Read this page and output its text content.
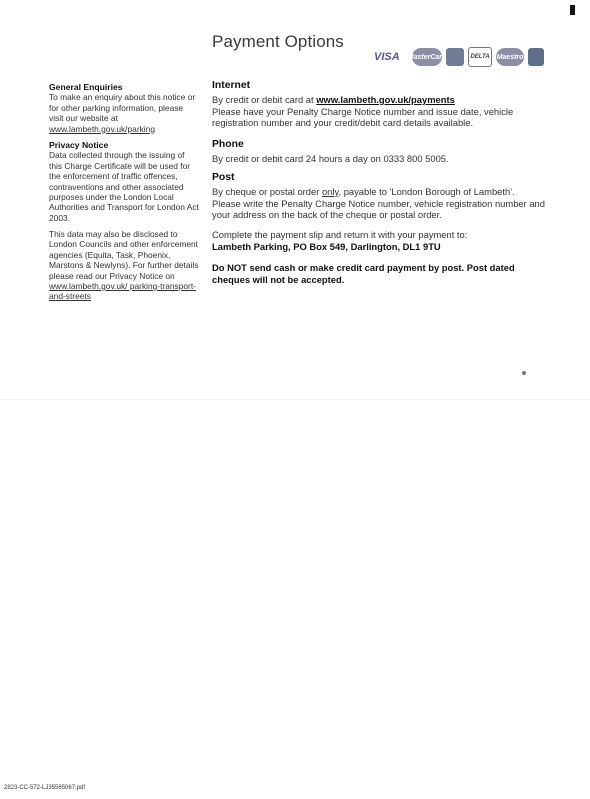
Payment Options
VISA	MasterCard	DELTA	Maestro
General Enquiries

To make an enquiry about this notice or for other parking information, please visit our website at

www.lambeth.gov.uk/parking

Privacy Notice

Data collected through the issuing of this Charge Certificate will be used for the enforcement of traffic offences, contraventions and other associated purposes under the London Local Authorities and Transport for London Act 2003.

This data may also be disclosed to London Councils and other enforcement agencies (Equita, Task, Phoenix, Marstons & Newlyns). For further details please read our Privacy Notice on www.lambeth.gov.uk/ parking-transport-and-streets

Internet

By credit or debit card at www.lambeth.gov.uk/payments

Please have your Penalty Charge Notice number and issue date, vehicle registration number and your credit/debit card details available.

Phone

By credit or debit card 24 hours a day on 0333 800 5005.

Post

By cheque or postal order only, payable to 'London Borough of Lambeth'.

Please write the Penalty Charge Notice number, vehicle registration number and your address on the back of the cheque or postal order.

Complete the payment slip and return it with your payment to:

Lambeth Parking, PO Box 549, Darlington, DL1 9TU

Do NOT send cash or make credit card payment by post. Post dated cheques will not be accepted.

2823-CC-572-LJ35565067.pdf
